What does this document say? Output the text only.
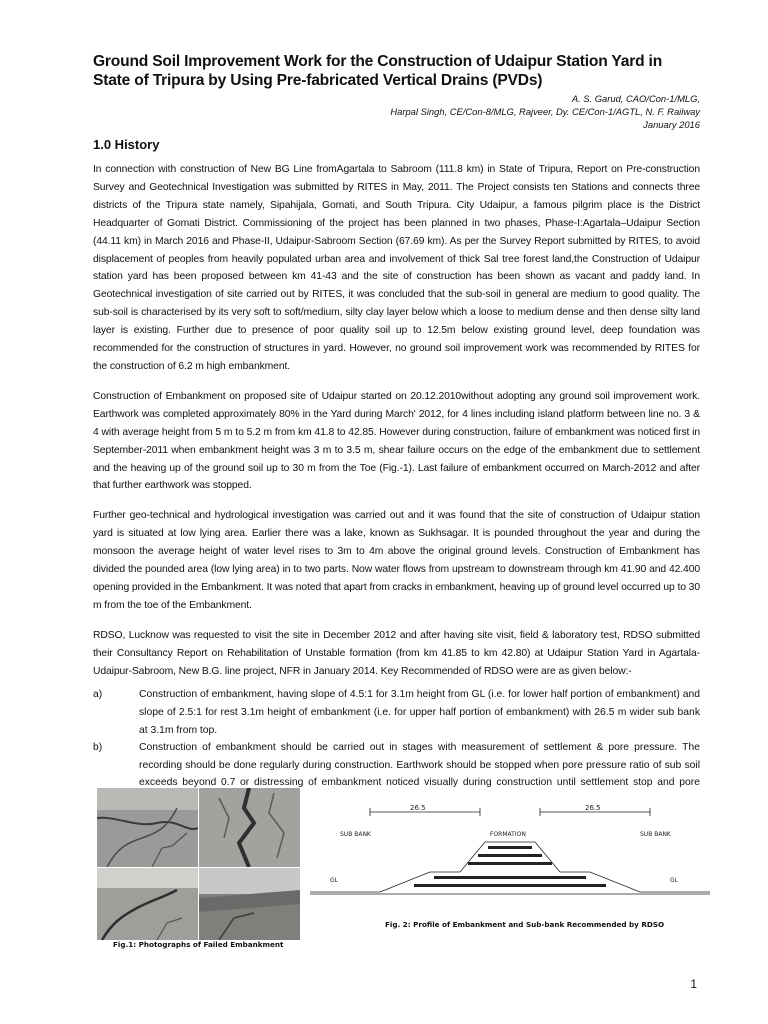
Ground Soil Improvement Work for the Construction of Udaipur Station Yard in State of Tripura by Using Pre-fabricated Vertical Drains (PVDs)
A. S. Garud, CAO/Con-1/MLG,
Harpal Singh, CE/Con-8/MLG, Rajveer, Dy. CE/Con-1/AGTL, N. F. Railway
January 2016
1.0 History

In connection with construction of New BG Line fromAgartala to Sabroom (111.8 km) in State of Tripura, Report on Pre-construction Survey and Geotechnical Investigation was submitted by RITES in May, 2011. The Project consists ten Stations and connects three districts of the Tripura state namely, Sipahijala, Gomati, and South Tripura. City Udaipur, a famous pilgrim place is the District Headquarter of Gomati District. Commissioning of the project has been planned in two phases, Phase-I:Agartala–Udaipur Section (44.11 km) in March 2016 and Phase-II, Udaipur-Sabroom Section (67.69 km). As per the Survey Report submitted by RITES, to avoid displacement of peoples from heavily populated urban area and involvement of thick Sal tree forest land,the Construction of Udaipur station yard has been proposed between km 41-43 and the site of construction has been shown as vacant and paddy land. In Geotechnical investigation of site carried out by RITES, it was concluded that the sub-soil in general are medium to good quality. The sub-soil is characterised by its very soft to soft/medium, silty clay layer below which a loose to medium dense and then dense silty land layer is existing. Further due to presence of poor quality soil up to 12.5m below existing ground level, deep foundation was recommended for the construction of structures in yard. However, no ground soil improvement work was recommended by RITES for the construction of 6.2 m high embankment.

Construction of Embankment on proposed site of Udaipur started on 20.12.2010without adopting any ground soil improvement work. Earthwork was completed approximately 80% in the Yard during March' 2012, for 4 lines including island platform between line no. 3 & 4 with average height from 5 m to 5.2 m from km 41.8 to 42.85. However during construction, failure of embankment was noticed first in September-2011 when embankment height was 3 m to 3.5 m, shear failure occurs on the edge of the embankment due to settlement and the heaving up of the ground soil up to 30 m from the Toe (Fig.-1). Last failure of embankment occurred on March-2012 and after that further earthwork was stopped.

Further geo-technical and hydrological investigation was carried out and it was found that the site of construction of Udaipur station yard is situated at low lying area. Earlier there was a lake, known as Sukhsagar. It is pounded throughout the year and during the monsoon the average height of water level rises to 3m to 4m above the original ground levels. Construction of Embankment has divided the pounded area (low lying area) in to two parts. Now water flows from upstream to downstream through km 41.90 and 42.400 opening provided in the Embankment. It was noted that apart from cracks in embankment, heaving up of ground level occurred up to 30 m from the toe of the Embankment.

RDSO, Lucknow was requested to visit the site in December 2012 and after having site visit, field & laboratory test, RDSO submitted their Consultancy Report on Rehabilitation of Unstable formation (from km 41.85 to km 42.80) at Udaipur Station Yard in Agartala-Udaipur-Sabroom, New B.G. line project, NFR in January 2014. Key Recommended of RDSO were are as given below:-

a)	Construction of embankment, having slope of 4.5:1 for 3.1m height from GL (i.e. for lower half portion of embankment) and slope of 2.5:1 for rest 3.1m height of embankment (i.e. for upper half portion of embankment) with 26.5 m wider sub bank at 3.1m from top.
b)	Construction of embankment should be carried out in stages with measurement of settlement & pore pressure. The recording should be done regularly during construction. Earthwork should be stopped when pore pressure ratio of sub soil exceeds beyond 0.7 or distressing of embankment noticed visually during construction until settlement stop and pore
Fig.1: Photographs of Failed Embankment
SUB BANK	SUB BANK
FORMATION
GL	GL
26.5	26.5
Fig. 2: Profile of Embankment and Sub-bank Recommended by RDSO
1
